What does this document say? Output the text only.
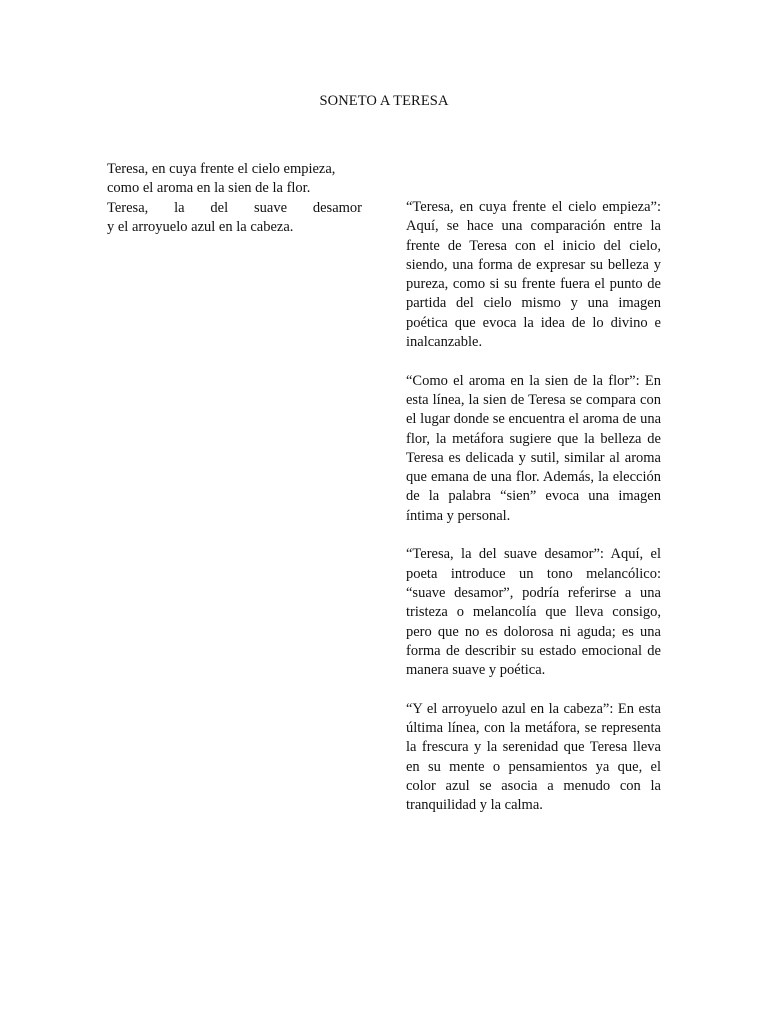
SONETO A TERESA
Teresa, en cuya frente el cielo empieza,
como el aroma en la sien de la flor.
Teresa, la del suave desamor
y el arroyuelo azul en la cabeza.

“Teresa, en cuya frente el cielo empieza”: Aquí, se hace una comparación entre la frente de Teresa con el inicio del cielo, siendo, una forma de expresar su belleza y pureza, como si su frente fuera el punto de partida del cielo mismo y una imagen poética que evoca la idea de lo divino e inalcanzable.

“Como el aroma en la sien de la flor”: En esta línea, la sien de Teresa se compara con el lugar donde se encuentra el aroma de una flor, la metáfora sugiere que la belleza de Teresa es delicada y sutil, similar al aroma que emana de una flor. Además, la elección de la palabra “sien” evoca una imagen íntima y personal.

“Teresa, la del suave desamor”: Aquí, el poeta introduce un tono melancólico: “suave desamor”, podría referirse a una tristeza o melancolía que lleva consigo, pero que no es dolorosa ni aguda; es una forma de describir su estado emocional de manera suave y poética.

“Y el arroyuelo azul en la cabeza”: En esta última línea, con la metáfora, se representa la frescura y la serenidad que Teresa lleva en su mente o pensamientos ya que, el color azul se asocia a menudo con la tranquilidad y la calma.
